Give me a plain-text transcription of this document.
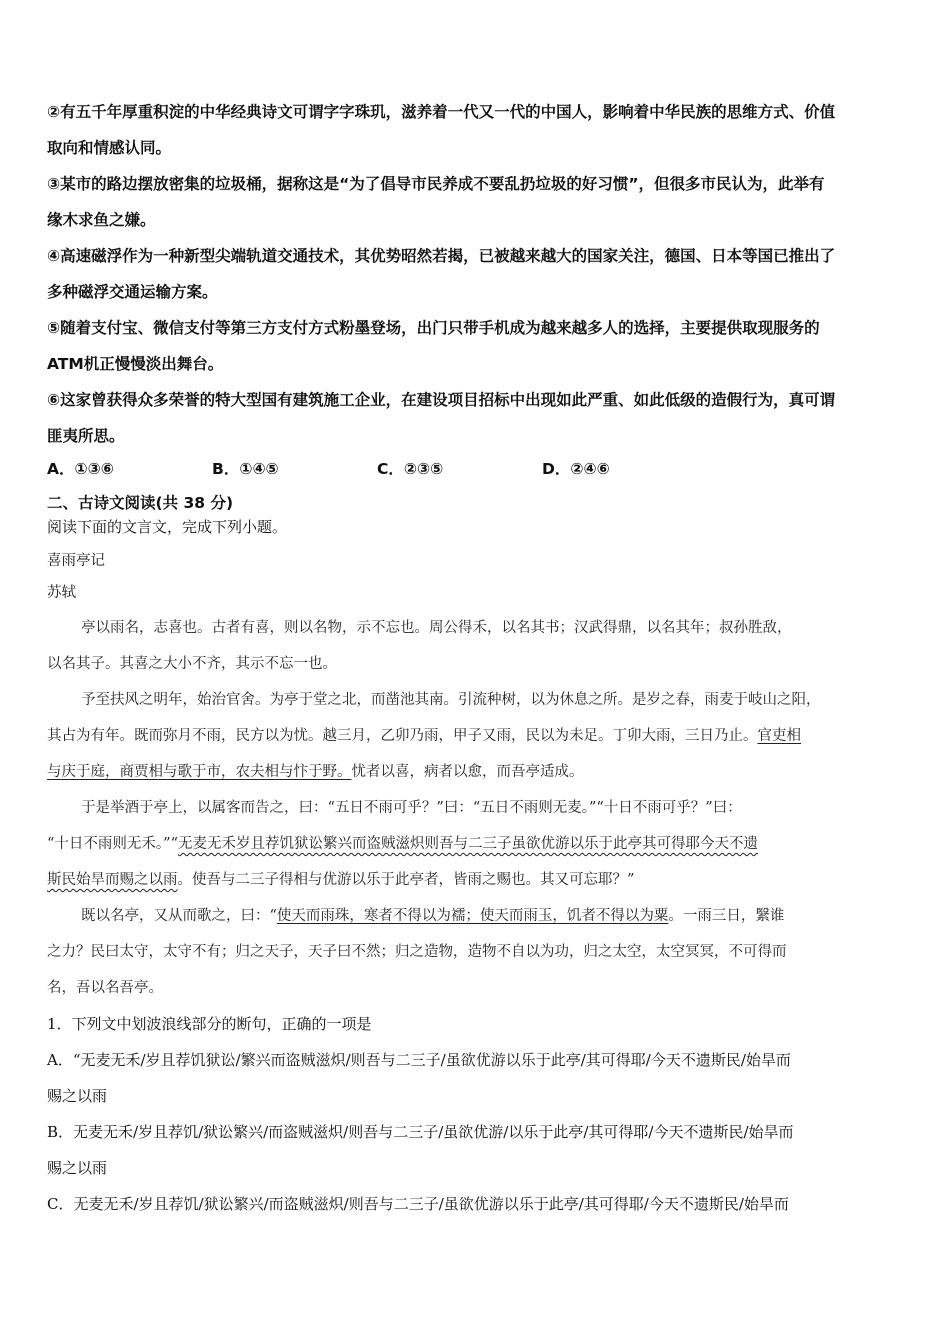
②有五千年厚重积淀的中华经典诗文可谓字字珠玑，滋养着一代又一代的中国人，影响着中华民族的思维方式、价值
取向和情感认同。
③某市的路边摆放密集的垃圾桶，据称这是“为了倡导市民养成不要乱扔垃圾的好习惯”，但很多市民认为，此举有
缘木求鱼之嫌。
④高速磁浮作为一种新型尖端轨道交通技术，其优势昭然若揭，已被越来越大的国家关注，德国、日本等国已推出了
多种磁浮交通运输方案。
⑤随着支付宝、微信支付等第三方支付方式粉墨登场，出门只带手机成为越来越多人的选择，主要提供取现服务的
ATM机正慢慢淡出舞台。
⑥这家曾获得众多荣誉的特大型国有建筑施工企业，在建设项目招标中出现如此严重、如此低级的造假行为，真可谓
匪夷所思。
A．①③⑥	B．①④⑤	C．②③⑤	D．②④⑥
二、古诗文阅读(共 38 分)
阅读下面的文言文，完成下列小题。
喜雨亭记
苏轼
亭以雨名，志喜也。古者有喜，则以名物，示不忘也。周公得禾，以名其书；汉武得鼎，以名其年；叔孙胜敌，
以名其子。其喜之大小不齐，其示不忘一也。
予至扶风之明年，始治官舍。为亭于堂之北，而凿池其南。引流种树，以为休息之所。是岁之春，雨麦于岐山之阳，
其占为有年。既而弥月不雨，民方以为忧。越三月，乙卯乃雨，甲子又雨，民以为未足。丁卯大雨，三日乃止。官吏相
与庆于庭，商贾相与歌于市，农夫相与忭于野。忧者以喜，病者以愈，而吾亭适成。
于是举酒于亭上，以属客而告之，曰：“五日不雨可乎？”曰：“五日不雨则无麦。”“十日不雨可乎？”曰：
“十日不雨则无禾。”“无麦无禾岁且荐饥狱讼繁兴而盗贼滋炽则吾与二三子虽欲优游以乐于此亭其可得耶今天不遗
斯民始旱而赐之以雨。使吾与二三子得相与优游以乐于此亭者，皆雨之赐也。其又可忘耶？”
既以名亭，又从而歌之，曰：“使天而雨珠，寒者不得以为襦；使天而雨玉，饥者不得以为粟。一雨三日，繄谁
之力？民曰太守，太守不有；归之天子，天子曰不然；归之造物，造物不自以为功，归之太空，太空冥冥，不可得而
名，吾以名吾亭。
1．下列文中划波浪线部分的断句，正确的一项是
A．“无麦无禾/岁且荐饥狱讼/繁兴而盗贼滋炽/则吾与二三子/虽欲优游以乐于此亭/其可得耶/今天不遗斯民/始旱而
赐之以雨
B．无麦无禾/岁且荐饥/狱讼繁兴/而盗贼滋炽/则吾与二三子/虽欲优游/以乐于此亭/其可得耶/今天不遗斯民/始旱而
赐之以雨
C．无麦无禾/岁且荐饥/狱讼繁兴/而盗贼滋炽/则吾与二三子/虽欲优游以乐于此亭/其可得耶/今天不遗斯民/始旱而
